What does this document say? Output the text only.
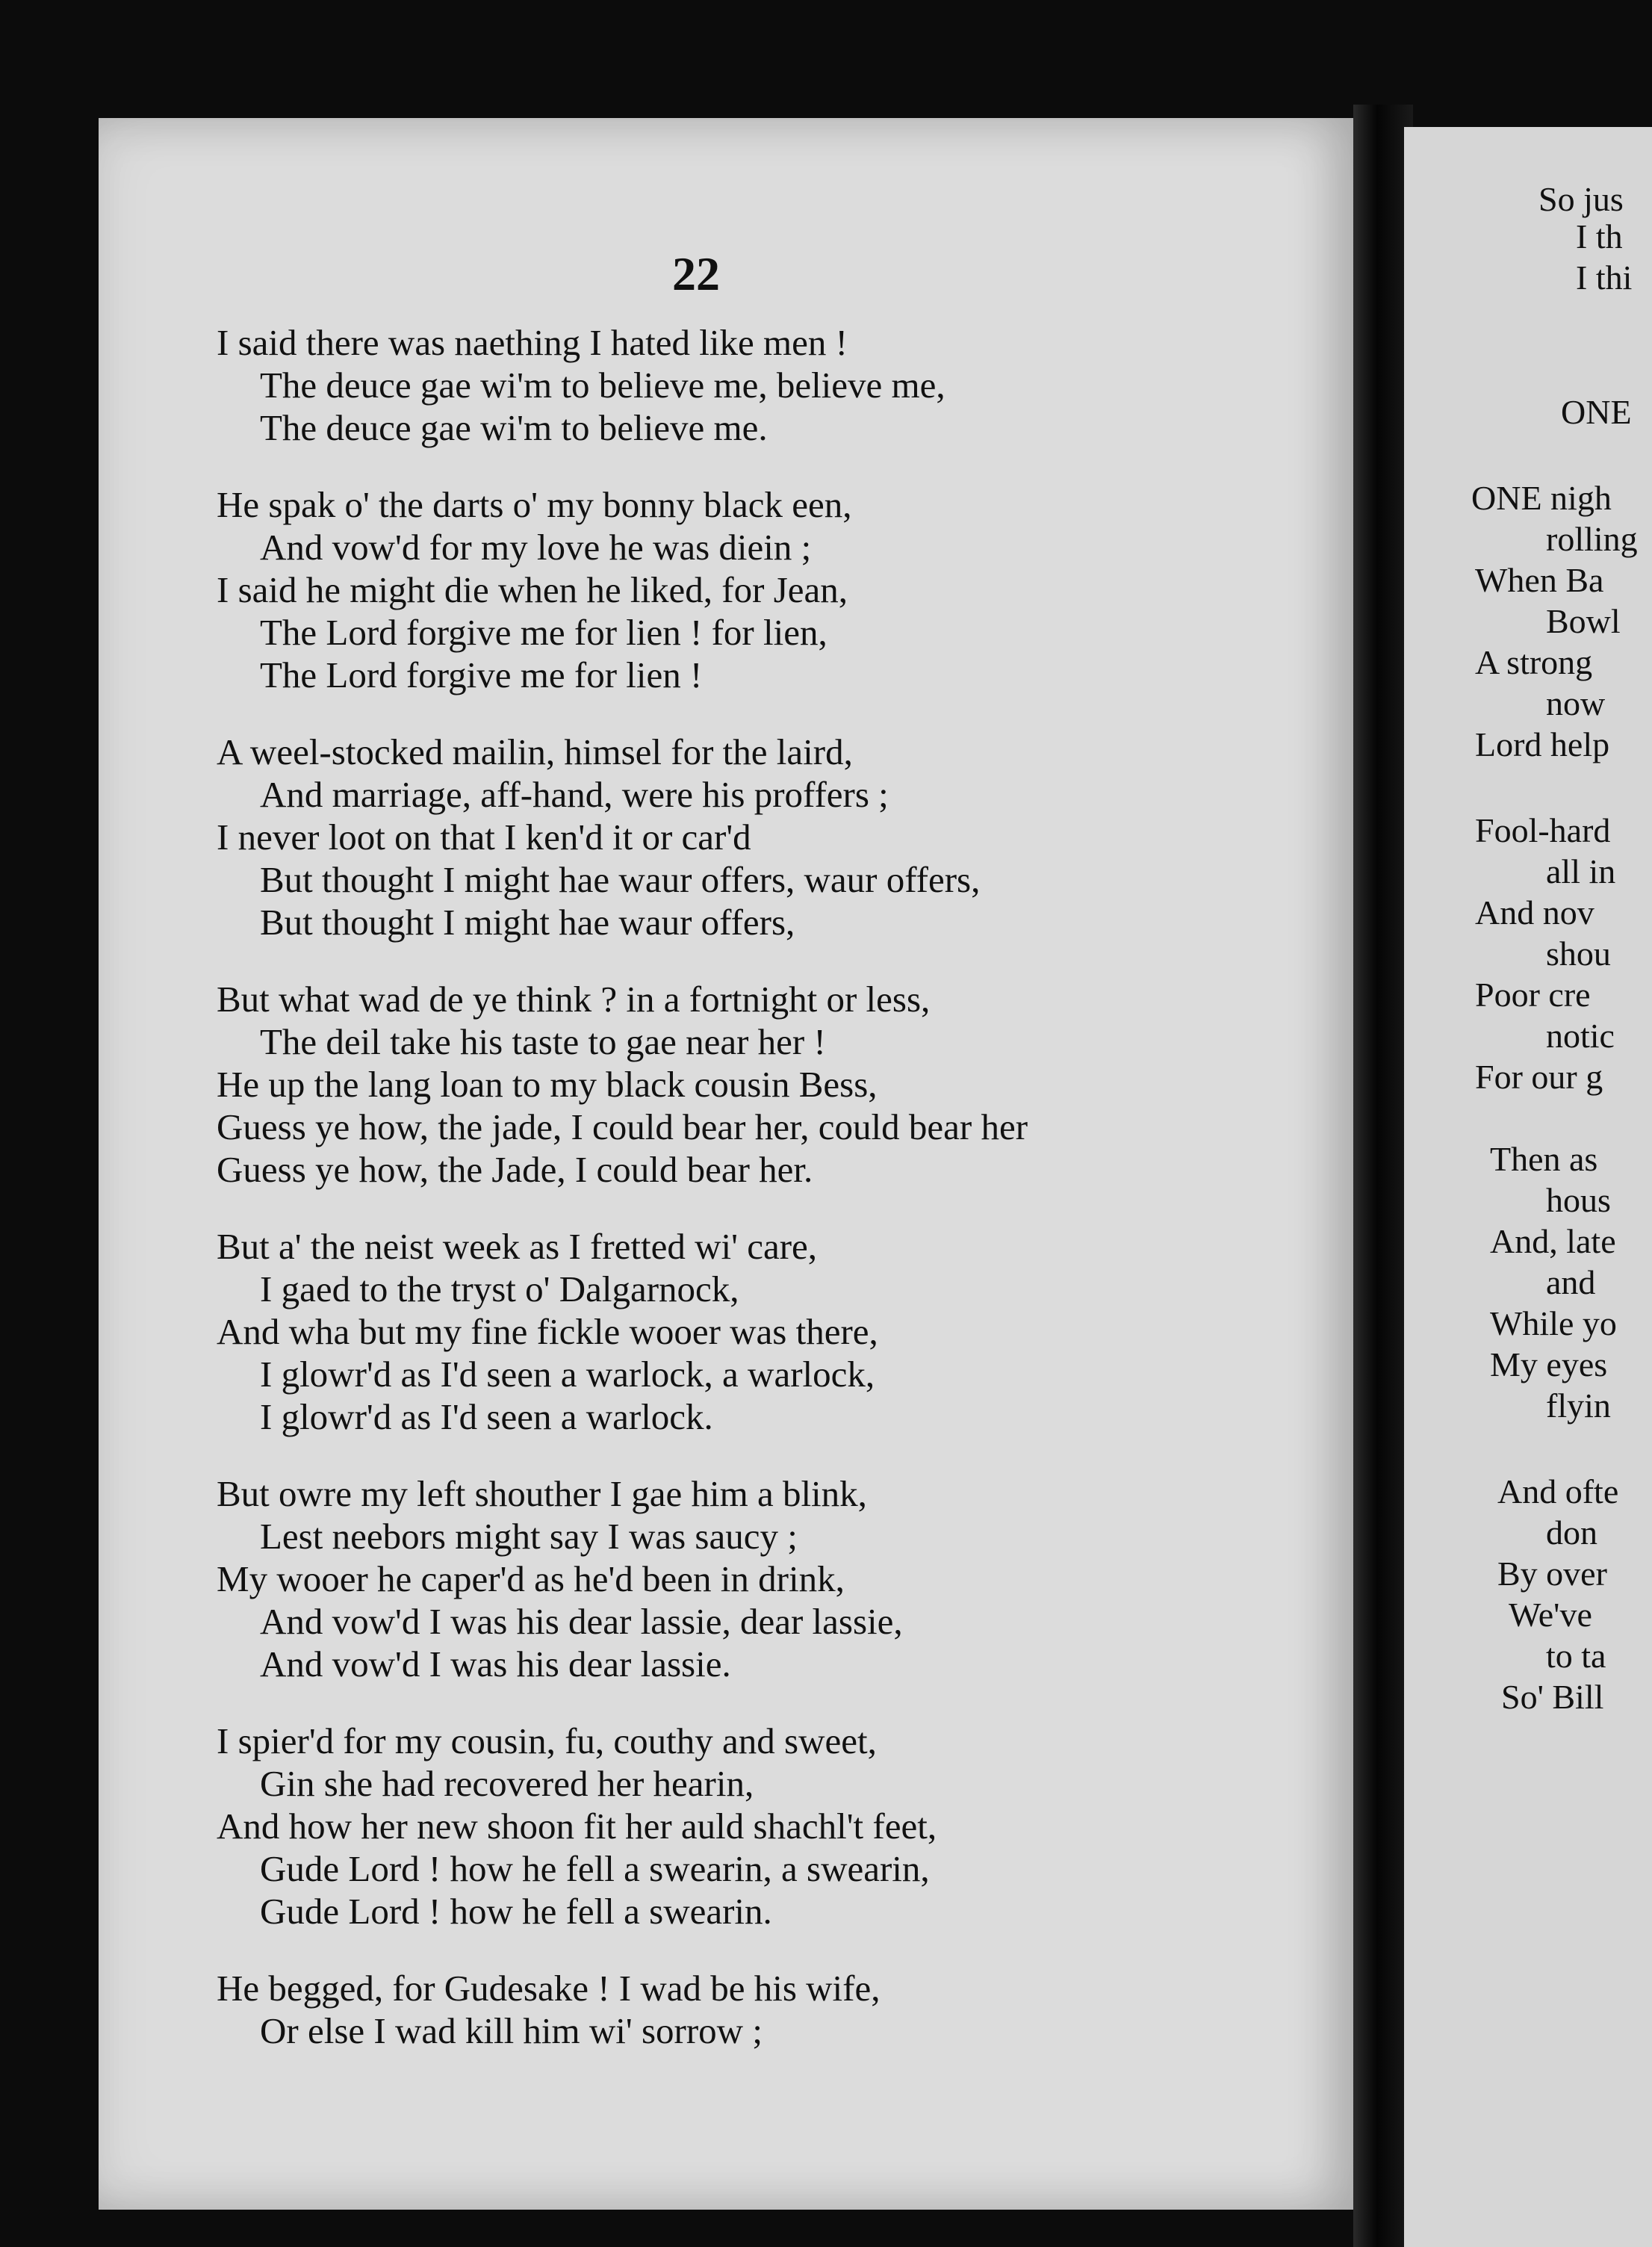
So jus
I th
I thi
ONE
ONE nigh
rolling
When Ba
Bowl
A strong
now
Lord help
Fool-hard
all in
And nov
shou
Poor cre
notic
For our g
Then as
hous
And, late
and
While yo
My eyes
flyin
And ofte
don
By over
We've
to ta
So' Bill
22
I said there was naething I hated like men !
The deuce gae wi'm to believe me, believe me,
The deuce gae wi'm to believe me.
He spak o' the darts o' my bonny black een,
And vow'd for my love he was diein ;
I said he might die when he liked, for Jean,
The Lord forgive me for lien ! for lien,
The Lord forgive me for lien !
A weel-stocked mailin, himsel for the laird,
And marriage, aff-hand, were his proffers ;
I never loot on that I ken'd it or car'd
But thought I might hae waur offers, waur offers,
But thought I might hae waur offers,
But what wad de ye think ? in a fortnight or less,
The deil take his taste to gae near her !
He up the lang loan to my black cousin Bess,
Guess ye how, the jade, I could bear her, could bear her
Guess ye how, the Jade, I could bear her.
But a' the neist week as I fretted wi' care,
I gaed to the tryst o' Dalgarnock,
And wha but my fine fickle wooer was there,
I glowr'd as I'd seen a warlock, a warlock,
I glowr'd as I'd seen a warlock.
But owre my left shouther I gae him a blink,
Lest neebors might say I was saucy ;
My wooer he caper'd as he'd been in drink,
And vow'd I was his dear lassie, dear lassie,
And vow'd I was his dear lassie.
I spier'd for my cousin, fu, couthy and sweet,
Gin she had recovered her hearin,
And how her new shoon fit her auld shachl't feet,
Gude Lord ! how he fell a swearin, a swearin,
Gude Lord ! how he fell a swearin.
He begged, for Gudesake ! I wad be his wife,
Or else I wad kill him wi' sorrow ;
